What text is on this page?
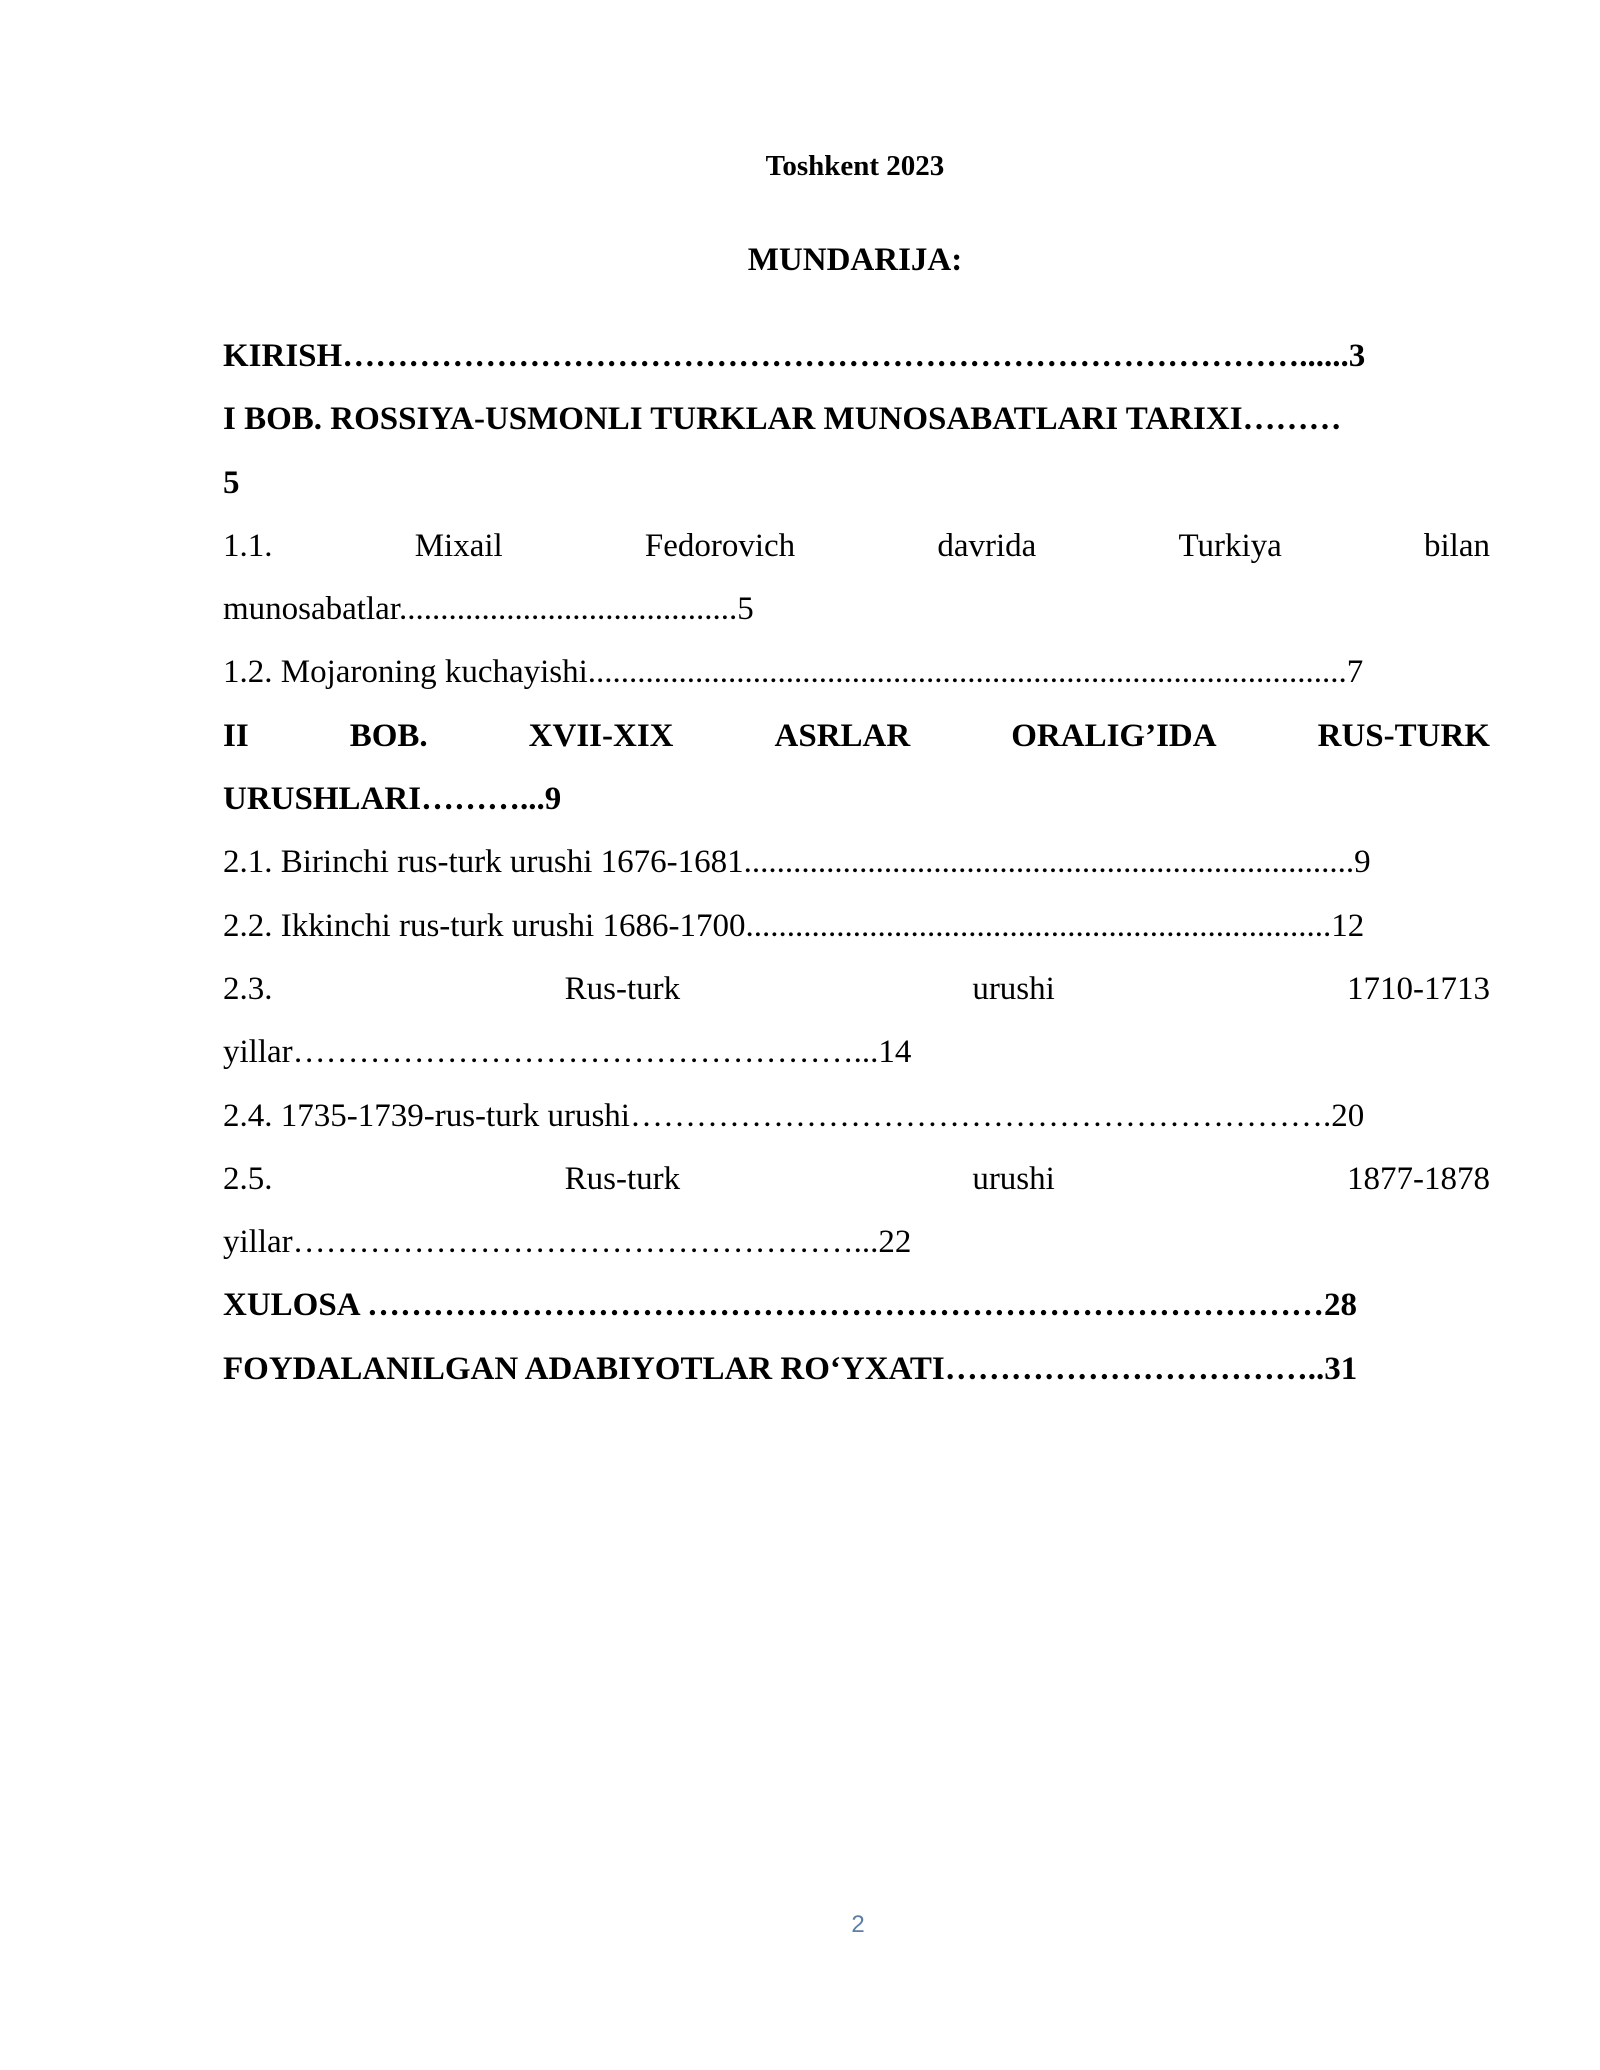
Toshkent 2023
MUNDARIJA:
KIRISH……………………………………………………………………………......3
I BOB. ROSSIYA-USMONLI TURKLAR MUNOSABATLARI TARIXI………
5
1.1.	Mixail	Fedorovich	davrida	Turkiya	bilan
munosabatlar.........................................5
1.2. Mojaroning kuchayishi............................................................................................7
II	BOB.	XVII-XIX	ASRLAR	ORALIG’IDA	RUS-TURK
URUSHLARI………...9
2.1. Birinchi rus-turk urushi 1676-1681..........................................................................9
2.2. Ikkinchi rus-turk urushi 1686-1700.......................................................................12
2.3.	Rus-turk	urushi	1710-1713
yillar……………………………………………...14
2.4. 1735-1739-rus-turk urushi……………………………………………………….20
2.5.	Rus-turk	urushi	1877-1878
yillar……………………………………………...22
XULOSA ……………………………………………………………………………28
FOYDALANILGAN ADABIYOTLAR RO‘YXATI……………………………..31
2
